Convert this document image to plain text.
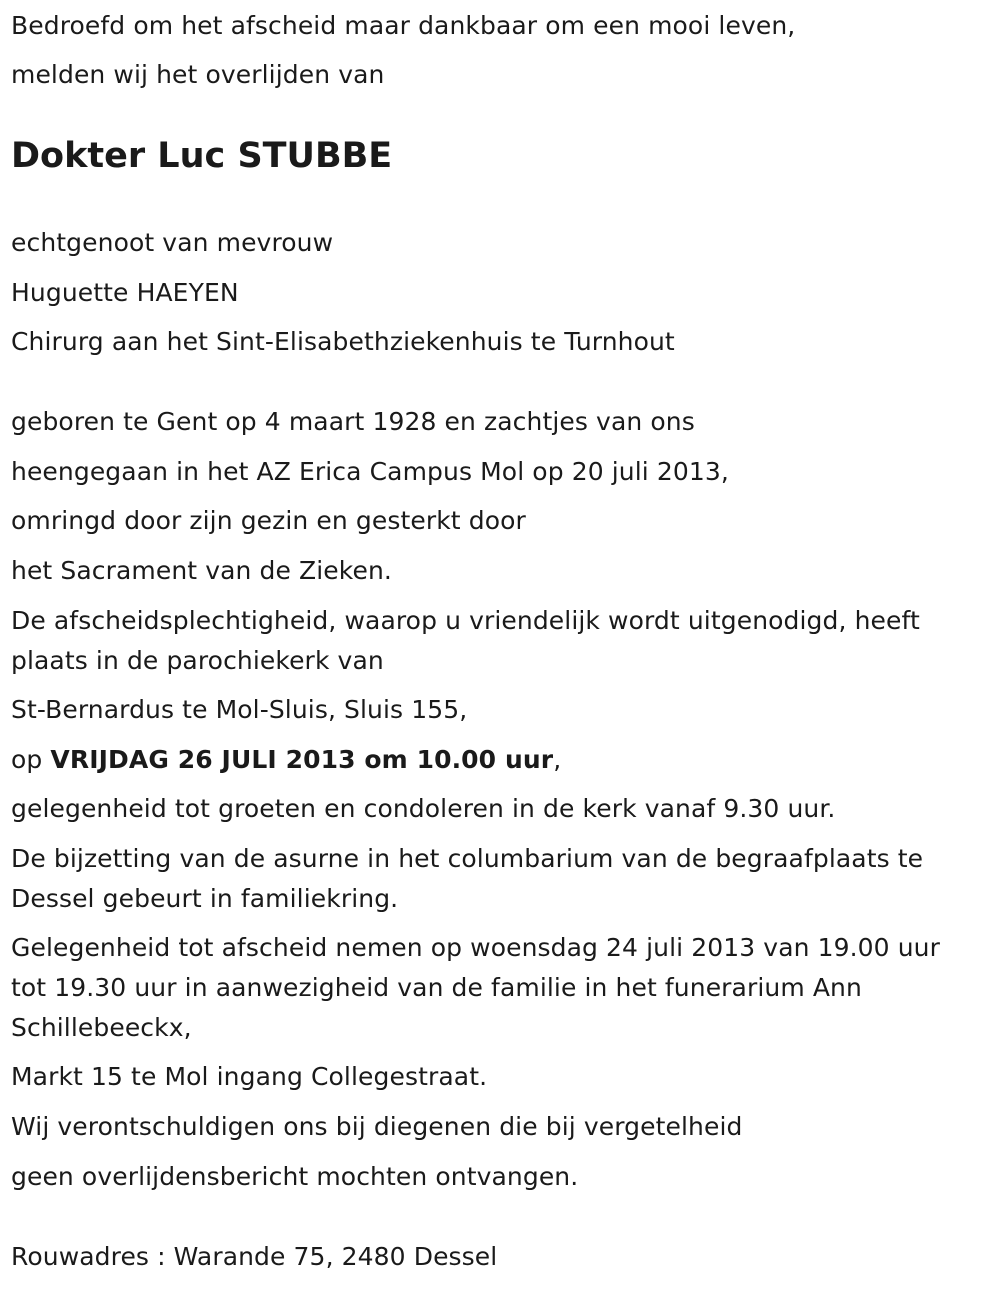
Bedroefd om het afscheid maar dankbaar om een mooi leven,

melden wij het overlijden van

Dokter Luc STUBBE

echtgenoot van mevrouw

Huguette HAEYEN

Chirurg aan het Sint-Elisabethziekenhuis te Turnhout

geboren te Gent op 4 maart 1928 en zachtjes van ons

heengegaan in het AZ Erica Campus Mol op 20 juli 2013,

omringd door zijn gezin en gesterkt door

het Sacrament van de Zieken.

De afscheidsplechtigheid, waarop u vriendelijk wordt uitgenodigd, heeft

plaats in de parochiekerk van

St-Bernardus te Mol-Sluis, Sluis 155,

op VRIJDAG 26 JULI 2013 om 10.00 uur,

gelegenheid tot groeten en condoleren in de kerk vanaf 9.30 uur.

De bijzetting van de asurne in het columbarium van de begraafplaats te

Dessel gebeurt in familiekring.

Gelegenheid tot afscheid nemen op woensdag 24 juli 2013 van 19.00 uur

tot 19.30 uur in aanwezigheid van de familie in het funerarium Ann

Schillebeeckx,

Markt 15 te Mol ingang Collegestraat.

Wij verontschuldigen ons bij diegenen die bij vergetelheid

geen overlijdensbericht mochten ontvangen.

Rouwadres : Warande 75, 2480 Dessel
